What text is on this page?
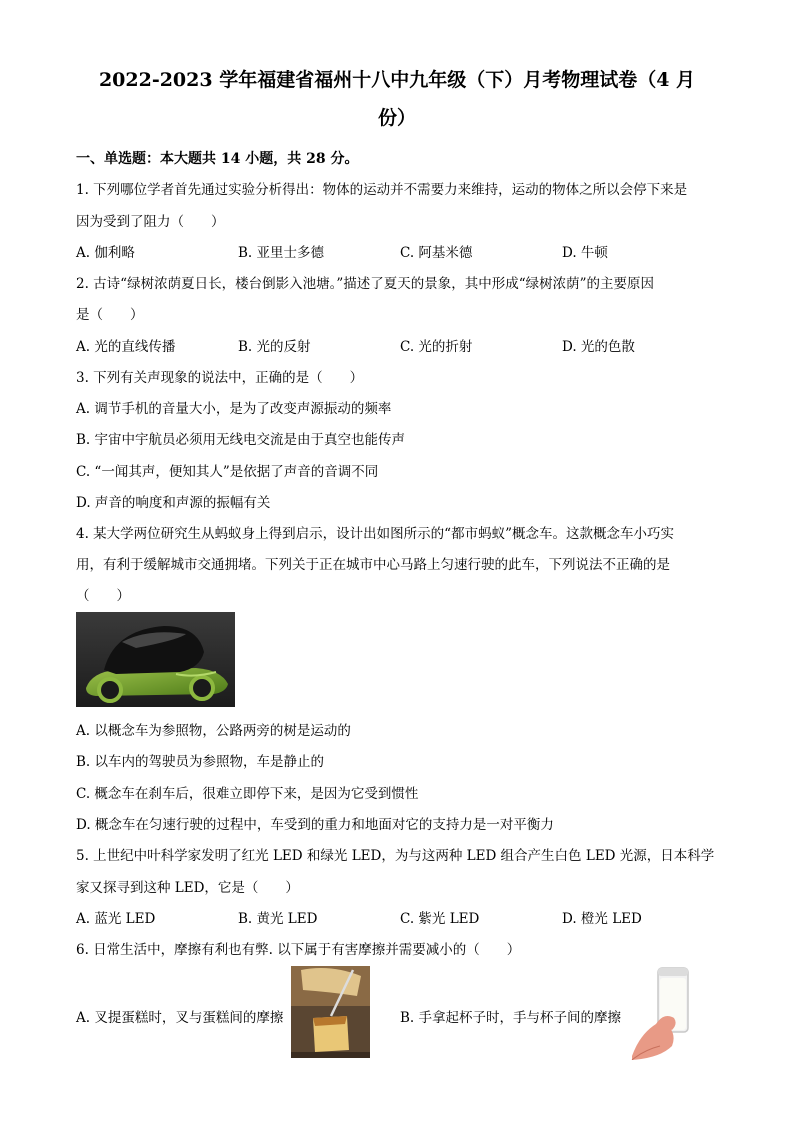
2022-2023 学年福建省福州十八中九年级（下）月考物理试卷（4 月
份）
一、单选题：本大题共 14 小题，共 28 分。
1. 下列哪位学者首先通过实验分析得出：物体的运动并不需要力来维持，运动的物体之所以会停下来是
因为受到了阻力（　　）
A. 伽利略	B. 亚里士多德	C. 阿基米德	D. 牛顿
2. 古诗“绿树浓荫夏日长，楼台倒影入池塘。”描述了夏天的景象，其中形成“绿树浓荫”的主要原因
是（　　）
A. 光的直线传播	B. 光的反射	C. 光的折射	D. 光的色散
3. 下列有关声现象的说法中，正确的是（　　）
A. 调节手机的音量大小，是为了改变声源振动的频率
B. 宇宙中宇航员必须用无线电交流是由于真空也能传声
C. “一闻其声，便知其人”是依据了声音的音调不同
D. 声音的响度和声源的振幅有关
4. 某大学两位研究生从蚂蚁身上得到启示，设计出如图所示的“都市蚂蚁”概念车。这款概念车小巧实
用，有利于缓解城市交通拥堵。下列关于正在城市中心马路上匀速行驶的此车，下列说法不正确的是
（　　）
A. 以概念车为参照物，公路两旁的树是运动的
B. 以车内的驾驶员为参照物，车是静止的
C. 概念车在刹车后，很难立即停下来，是因为它受到惯性
D. 概念车在匀速行驶的过程中，车受到的重力和地面对它的支持力是一对平衡力
5. 上世纪中叶科学家发明了红光 LED 和绿光 LED，为与这两种 LED 组合产生白色 LED 光源，日本科学
家又探寻到这种 LED，它是（　　）
A. 蓝光 LED	B. 黄光 LED	C. 紫光 LED	D. 橙光 LED
6. 日常生活中，摩擦有利也有弊. 以下属于有害摩擦并需要减小的（　　）
A. 叉提蛋糕时，叉与蛋糕间的摩擦	B. 手拿起杯子时，手与杯子间的摩擦
